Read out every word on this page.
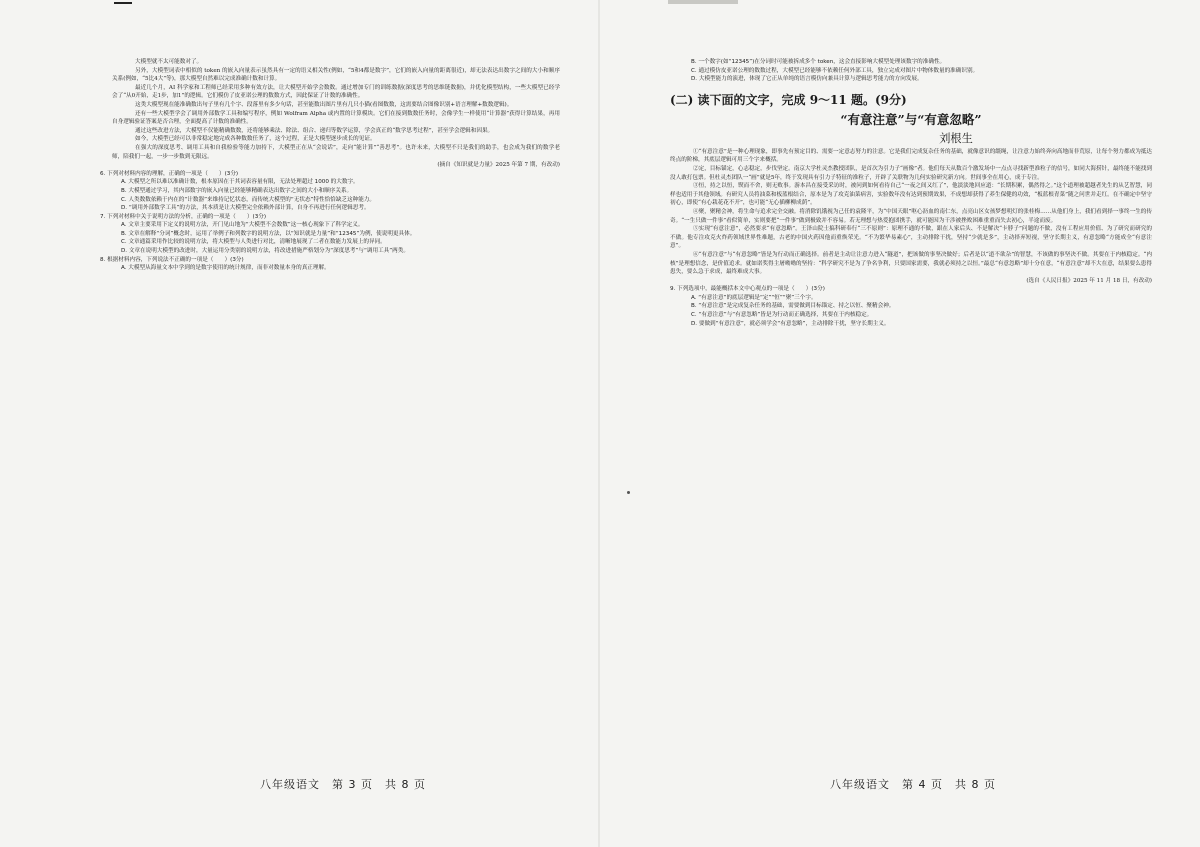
大模型就不太可能数对了。

另外，大模型词表中相似的 token 的嵌入向量表示虽然具有一定的语义相关性(例如，“5和4都是数字”，它们的嵌入向量的距离很近)，却无法表达出数字之间的大小和顺序关系(例如，“5比4大”等)，那大模型自然难以完成准确计数和计算。

最近几个月，AI 科学家和工程师已经采用多种有效方法，让大模型开始学会数数。通过增加专门的训练数据(深度思考的思维链数据)，并优化模型结构，一些大模型已经学会了“从0开始，走1步，加1”的逻辑。它们模仿了皮亚诺公理的数数方式，因此保证了计数的准确性。

这类大模型现在能准确数出句子里有几个字、段落里有多少句话，甚至能数出图片里有几只小猫(看图数数，这需要结合图像识别+语言理解+数数逻辑)。

还有一些大模型学会了调用外部数学工具和编写程序，例如 Wolfram Alpha 或内置的计算模块。它们在接到数数任务时，会像学生一样使用“计算器”获得计算结果，再用自身逻辑验证答案是否合理，全面提高了计数的准确性。

通过这些改进方法，大模型不仅能精确数数，还将能够乘法、除法、组合、递归等数学运算，学会真正的“数学思考过程”，甚至学会逻辑和因果。

如今，大模型已经可以非常稳定地完成各种数数任务了，这个过程，正是大模型逐步成长的见证。

在强大的深度思考、调用工具和自我检验等能力加持下，大模型正在从“会说话”，走向“能计算”“善思考”。也许未来，大模型不只是我们的助手，也会成为我们的数学老师，陪我们一起，一步一步数到无限远。

(摘自《知识就是力量》2025 年第 7 期，有改动)

6. 下列对材料内容的理解，正确的一项是（　　）(3分)

A. 大模型之所以难以准确计数，根本原因在于其词表容量有限，无法处理超过 1000 的大数字。

B. 大模型通过学习，其内部数字的嵌入向量已经能够精确表达出数字之间的大小和顺序关系。

C. 人类数数依赖于内在的“计数器”来维持记忆状态，而传统大模型的“无状态”特性恰恰缺乏这种能力。

D. “调用外部数学工具”的方法，其本质是让大模型完全依赖外部计算，自身不再进行任何逻辑思考。

7. 下列对材料中关于说明方法的分析，正确的一项是（　　）(3分)

A. 文章主要采用下定义的说明方法，开门见山地为“大模型不会数数”这一核心现象下了科学定义。

B. 文章在解释“分词”概念时，运用了举例子和列数字的说明方法，以“知识就是力量”和“12345”为例，使说明更具体。

C. 文章通篇采用作比较的说明方法，将大模型与人类进行对比，清晰地展现了二者在数能力发展上的异同。

D. 文章在说明大模型的改进时，大量运用分类别的说明方法，将改进措施严格划分为“深度思考”与“调用工具”两类。

8. 根据材料内容，下列说法不正确的一项是（　　）(3分)

A. 大模型从海量文本中学到的是数字使用的统计规律，而非对数量本身的真正理解。

八年级语文　第 3 页　共 8 页

B. 一个数字(如“12345”)在分词时可能被拆成多个 token，这会直接影响大模型处理该数字的准确性。

C. 通过模仿皮亚诺公理的数数过程，大模型已经能够不依赖任何外部工具，独立完成对图片中物体数量的准确识别。

D. 大模型能力的演进，体现了它正从单纯的语言模仿向兼具计算与逻辑思考能力的方向发展。

(二) 读下面的文字，完成 9～11 题。(9分)

“有意注意”与“有意忽略”

刘根生

①“有意注意”是一种心理现象，即事先有预定目的、需要一定意志努力的注意。它是我们完成复杂任务的基础，就像意识的缰绳，让注意力始终奔向高地而非荒原，让每个努力都成为抵达终点的阶梯，其底层逻辑可用三个字来概括。

②定，目标锚定，心志稳定，步伐坚定。南京大学杜灵杰教授团队，是首次为引力子“画像”者。他们每天从数百个激发场中一点点寻找新型准粒子的信号，如同大海捞针，最终能不能找到没人敢打包票。但杜灵杰团队一“画”就是5年，终于发现具有引力子特征的准粒子，开辟了关联物为几何实验研究新方向。世间事全在用心，成于专注。

③恒，持之以恒，锲而不舍，则无败事。游本昌在接受采访时，被问到如何看待自己“一夜之间又红了”，他淡淡地回应道：“长期积累，偶然得之。”这个道理被超越者先生的从艺智慧，同样也适用于其他领域。有研究人员将油菜和板蓝根结合，原本是为了攻克油菜病害，实验数年没有达到预期效果，不成想却获得了养生保健的功效，“板蓝根青菜”随之问世并走红。在不确定中坚守初心，即使“有心栽花花不开”，也可能“无心插柳柳成荫”。

④聚，聚精会神，将生命与追求完全交融。将消除饥饿视为己任的袁隆平，为“中国天眼”呕心沥血的南仁东，点亮山区女孩梦想明灯的张桂梅……从他们身上，我们看到择一事终一生的传奇。“一生只做一件事”看似简单，实则要把“一件事”做到极致并不容易。若无理想与热爱抱团携手，就可能因为干涉被挫败困难重重而失去初心，半途而废。

⑤实现“有意注意”，必然要求“有意忽略”。王泽山院士搞科研奉行“三不原则”：原理不通的不做，跟在人家后头、不是解决“卡脖子”问题的不做，没有工程应用价值、为了研究而研究的不做。他专注攻克火炸药领域世界性难题，古老的中国火药因他而重焕荣光。“不为繁华易素心”，主动排除干扰，坚持“少就是多”，主动择弃短视，坚守长期主义，有意忽略“方能成全“有意注意”。

⑥“有意注意”与“有意忽略”皆是为行动而正确选择。前者是主动让注意力进入“隧道”，把该做的事坚决做好；后者是以“道不欲杂”的智慧，不该做的事坚决不做。其要在于内核稳定。“内核”是理想信念，是价值追求。就如诺奖得主屠呦呦的坚持：“科学研究不是为了争名争利，只要国家需要，我就必须持之以恒。”最总“有意忽略”却十分在意，“有意注意”却不大在意，结果要么患得患失，要么急于求成，最终难成大事。

(选自《人民日报》2025 年 11 月 18 日，有改动)

9. 下列选项中，最能概括本文中心观点的一项是（　　）(3分)

A. “有意注意”的底层逻辑是“定”“恒”“聚”三个字。

B. “有意注意”是完成复杂任务的基础，需要做到目标锚定、持之以恒、聚精会神。

C. “有意注意”与“有意忽略”皆是为行动而正确选择，其要在于内核稳定。

D. 要做到“有意注意”，就必须学会“有意忽略”，主动排除干扰，坚守长期主义。

八年级语文　第 4 页　共 8 页
